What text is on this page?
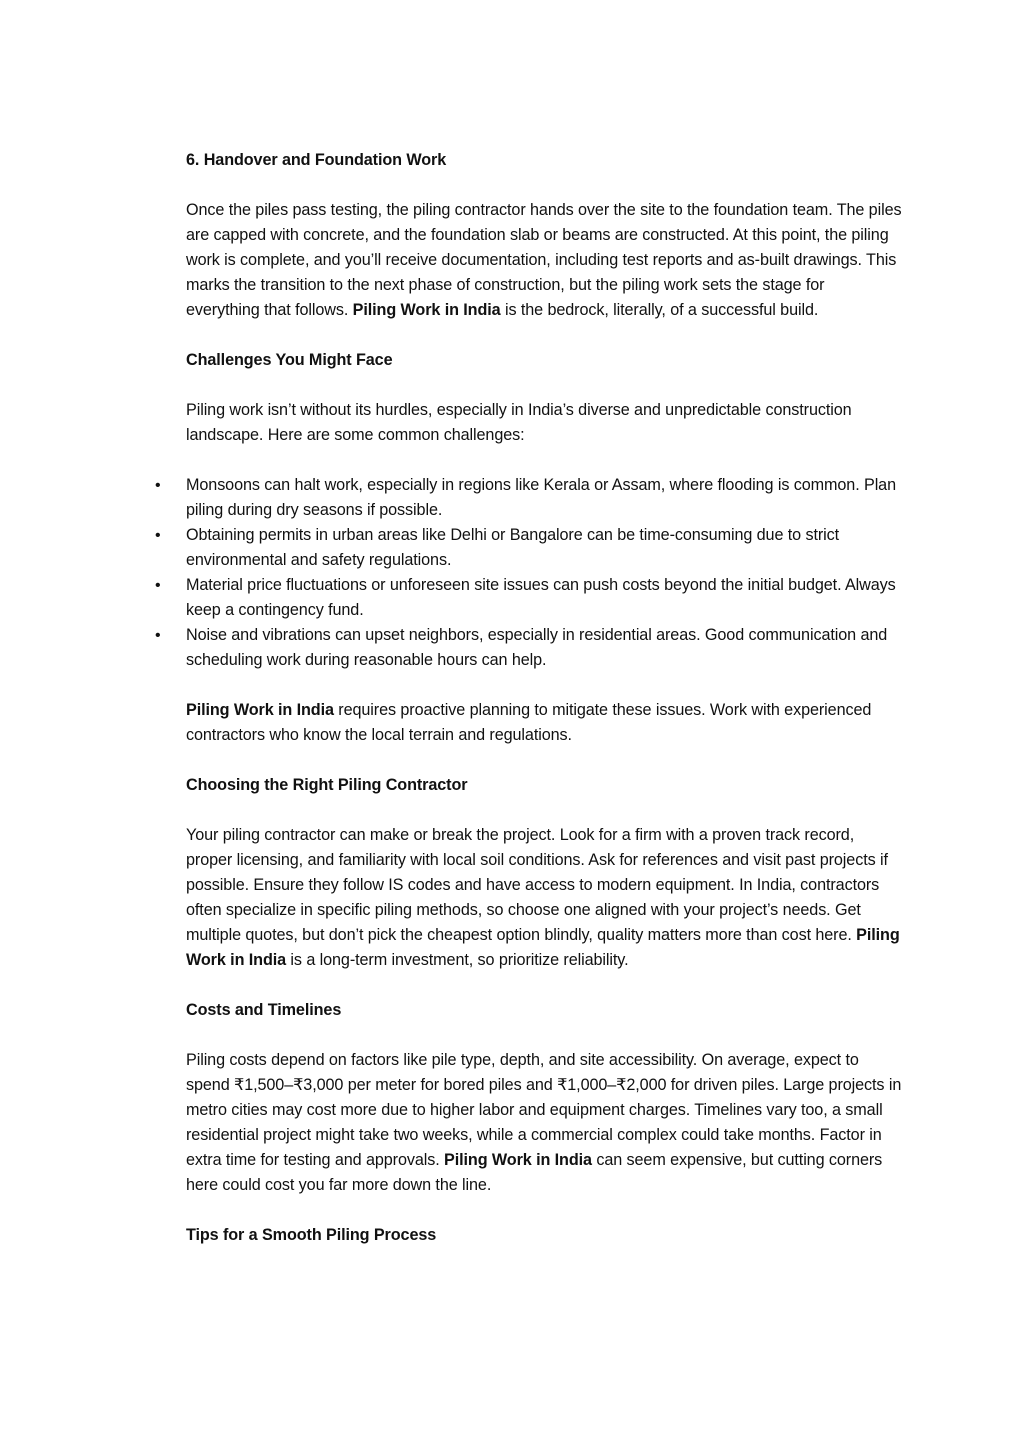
6. Handover and Foundation Work

Once the piles pass testing, the piling contractor hands over the site to the foundation team. The piles are capped with concrete, and the foundation slab or beams are constructed. At this point, the piling work is complete, and you’ll receive documentation, including test reports and as-built drawings. This marks the transition to the next phase of construction, but the piling work sets the stage for everything that follows. Piling Work in India is the bedrock, literally, of a successful build.

Challenges You Might Face

Piling work isn’t without its hurdles, especially in India’s diverse and unpredictable construction landscape. Here are some common challenges:

• Monsoons can halt work, especially in regions like Kerala or Assam, where flooding is common. Plan piling during dry seasons if possible.
• Obtaining permits in urban areas like Delhi or Bangalore can be time-consuming due to strict environmental and safety regulations.
• Material price fluctuations or unforeseen site issues can push costs beyond the initial budget. Always keep a contingency fund.
• Noise and vibrations can upset neighbors, especially in residential areas. Good communication and scheduling work during reasonable hours can help.

Piling Work in India requires proactive planning to mitigate these issues. Work with experienced contractors who know the local terrain and regulations.

Choosing the Right Piling Contractor

Your piling contractor can make or break the project. Look for a firm with a proven track record, proper licensing, and familiarity with local soil conditions. Ask for references and visit past projects if possible. Ensure they follow IS codes and have access to modern equipment. In India, contractors often specialize in specific piling methods, so choose one aligned with your project’s needs. Get multiple quotes, but don’t pick the cheapest option blindly, quality matters more than cost here. Piling Work in India is a long-term investment, so prioritize reliability.

Costs and Timelines

Piling costs depend on factors like pile type, depth, and site accessibility. On average, expect to spend ₹1,500–₹3,000 per meter for bored piles and ₹1,000–₹2,000 for driven piles. Large projects in metro cities may cost more due to higher labor and equipment charges. Timelines vary too, a small residential project might take two weeks, while a commercial complex could take months. Factor in extra time for testing and approvals. Piling Work in India can seem expensive, but cutting corners here could cost you far more down the line.

Tips for a Smooth Piling Process
